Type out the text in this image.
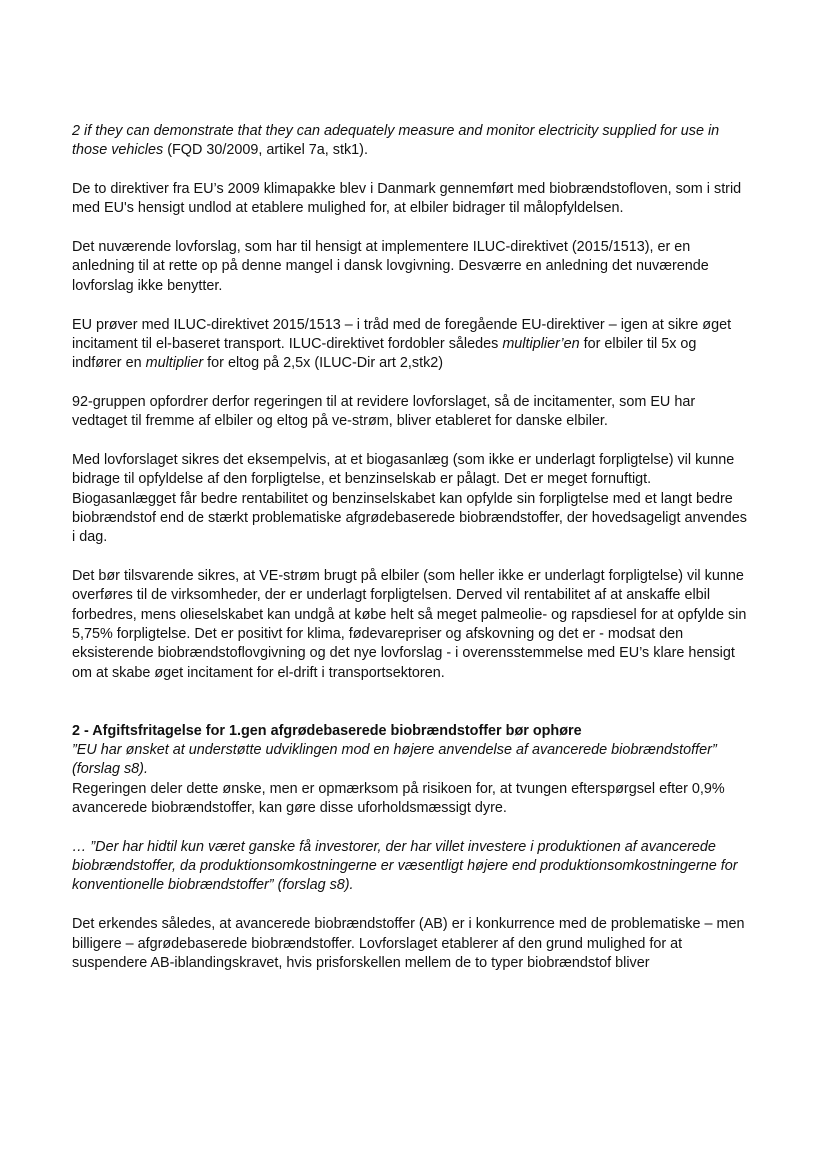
2 if they can demonstrate that they can adequately measure and monitor electricity supplied for use in those vehicles (FQD 30/2009, artikel 7a, stk1).

De to direktiver fra EU’s 2009 klimapakke blev i Danmark gennemført med biobrændstofloven, som i strid med EU's hensigt undlod at etablere mulighed for, at elbiler bidrager til målopfyldelsen.

Det nuværende lovforslag, som har til hensigt at implementere ILUC-direktivet (2015/1513), er en anledning til at rette op på denne mangel i dansk lovgivning. Desværre en anledning det nuværende lovforslag ikke benytter.

EU prøver med ILUC-direktivet 2015/1513 – i tråd med de foregående EU-direktiver – igen at sikre øget incitament til el-baseret transport. ILUC-direktivet fordobler således multiplier’en for elbiler til 5x og indfører en multiplier for eltog på 2,5x (ILUC-Dir art 2,stk2)

92-gruppen opfordrer derfor regeringen til at revidere lovforslaget, så de incitamenter, som EU har vedtaget til fremme af elbiler og eltog på ve-strøm, bliver etableret for danske elbiler.

Med lovforslaget sikres det eksempelvis, at et biogasanlæg (som ikke er underlagt forpligtelse) vil kunne bidrage til opfyldelse af den forpligtelse, et benzinselskab er pålagt. Det er meget fornuftigt. Biogasanlægget får bedre rentabilitet og benzinselskabet kan opfylde sin forpligtelse med et langt bedre biobrændstof end de stærkt problematiske afgrødebaserede biobrændstoffer, der hovedsageligt anvendes i dag.

Det bør tilsvarende sikres, at VE-strøm brugt på elbiler (som heller ikke er underlagt forpligtelse) vil kunne overføres til de virksomheder, der er underlagt forpligtelsen. Derved vil rentabilitet af at anskaffe elbil forbedres, mens olieselskabet kan undgå at købe helt så meget palmeolie- og rapsdiesel for at opfylde sin 5,75% forpligtelse. Det er positivt for klima, fødevarepriser og afskovning og det er - modsat den eksisterende biobrændstoflovgivning og det nye lovforslag - i overensstemmelse med EU’s klare hensigt om at skabe øget incitament for el-drift i transportsektoren.

2 - Afgiftsfritagelse for 1.gen afgrødebaserede biobrændstoffer bør ophøre

”EU har ønsket at understøtte udviklingen mod en højere anvendelse af avancerede biobrændstoffer” (forslag s8).

Regeringen deler dette ønske, men er opmærksom på risikoen for, at tvungen efterspørgsel efter 0,9% avancerede biobrændstoffer, kan gøre disse uforholdsmæssigt dyre.

… ”Der har hidtil kun været ganske få investorer, der har villet investere i produktionen af avancerede biobrændstoffer, da produktionsomkostningerne er væsentligt højere end produktionsomkostningerne for konventionelle biobrændstoffer” (forslag s8).

Det erkendes således, at avancerede biobrændstoffer (AB) er i konkurrence med de problematiske – men billigere – afgrødebaserede biobrændstoffer. Lovforslaget etablerer af den grund mulighed for at suspendere AB-iblandingskravet, hvis prisforskellen mellem de to typer biobrændstof bliver
